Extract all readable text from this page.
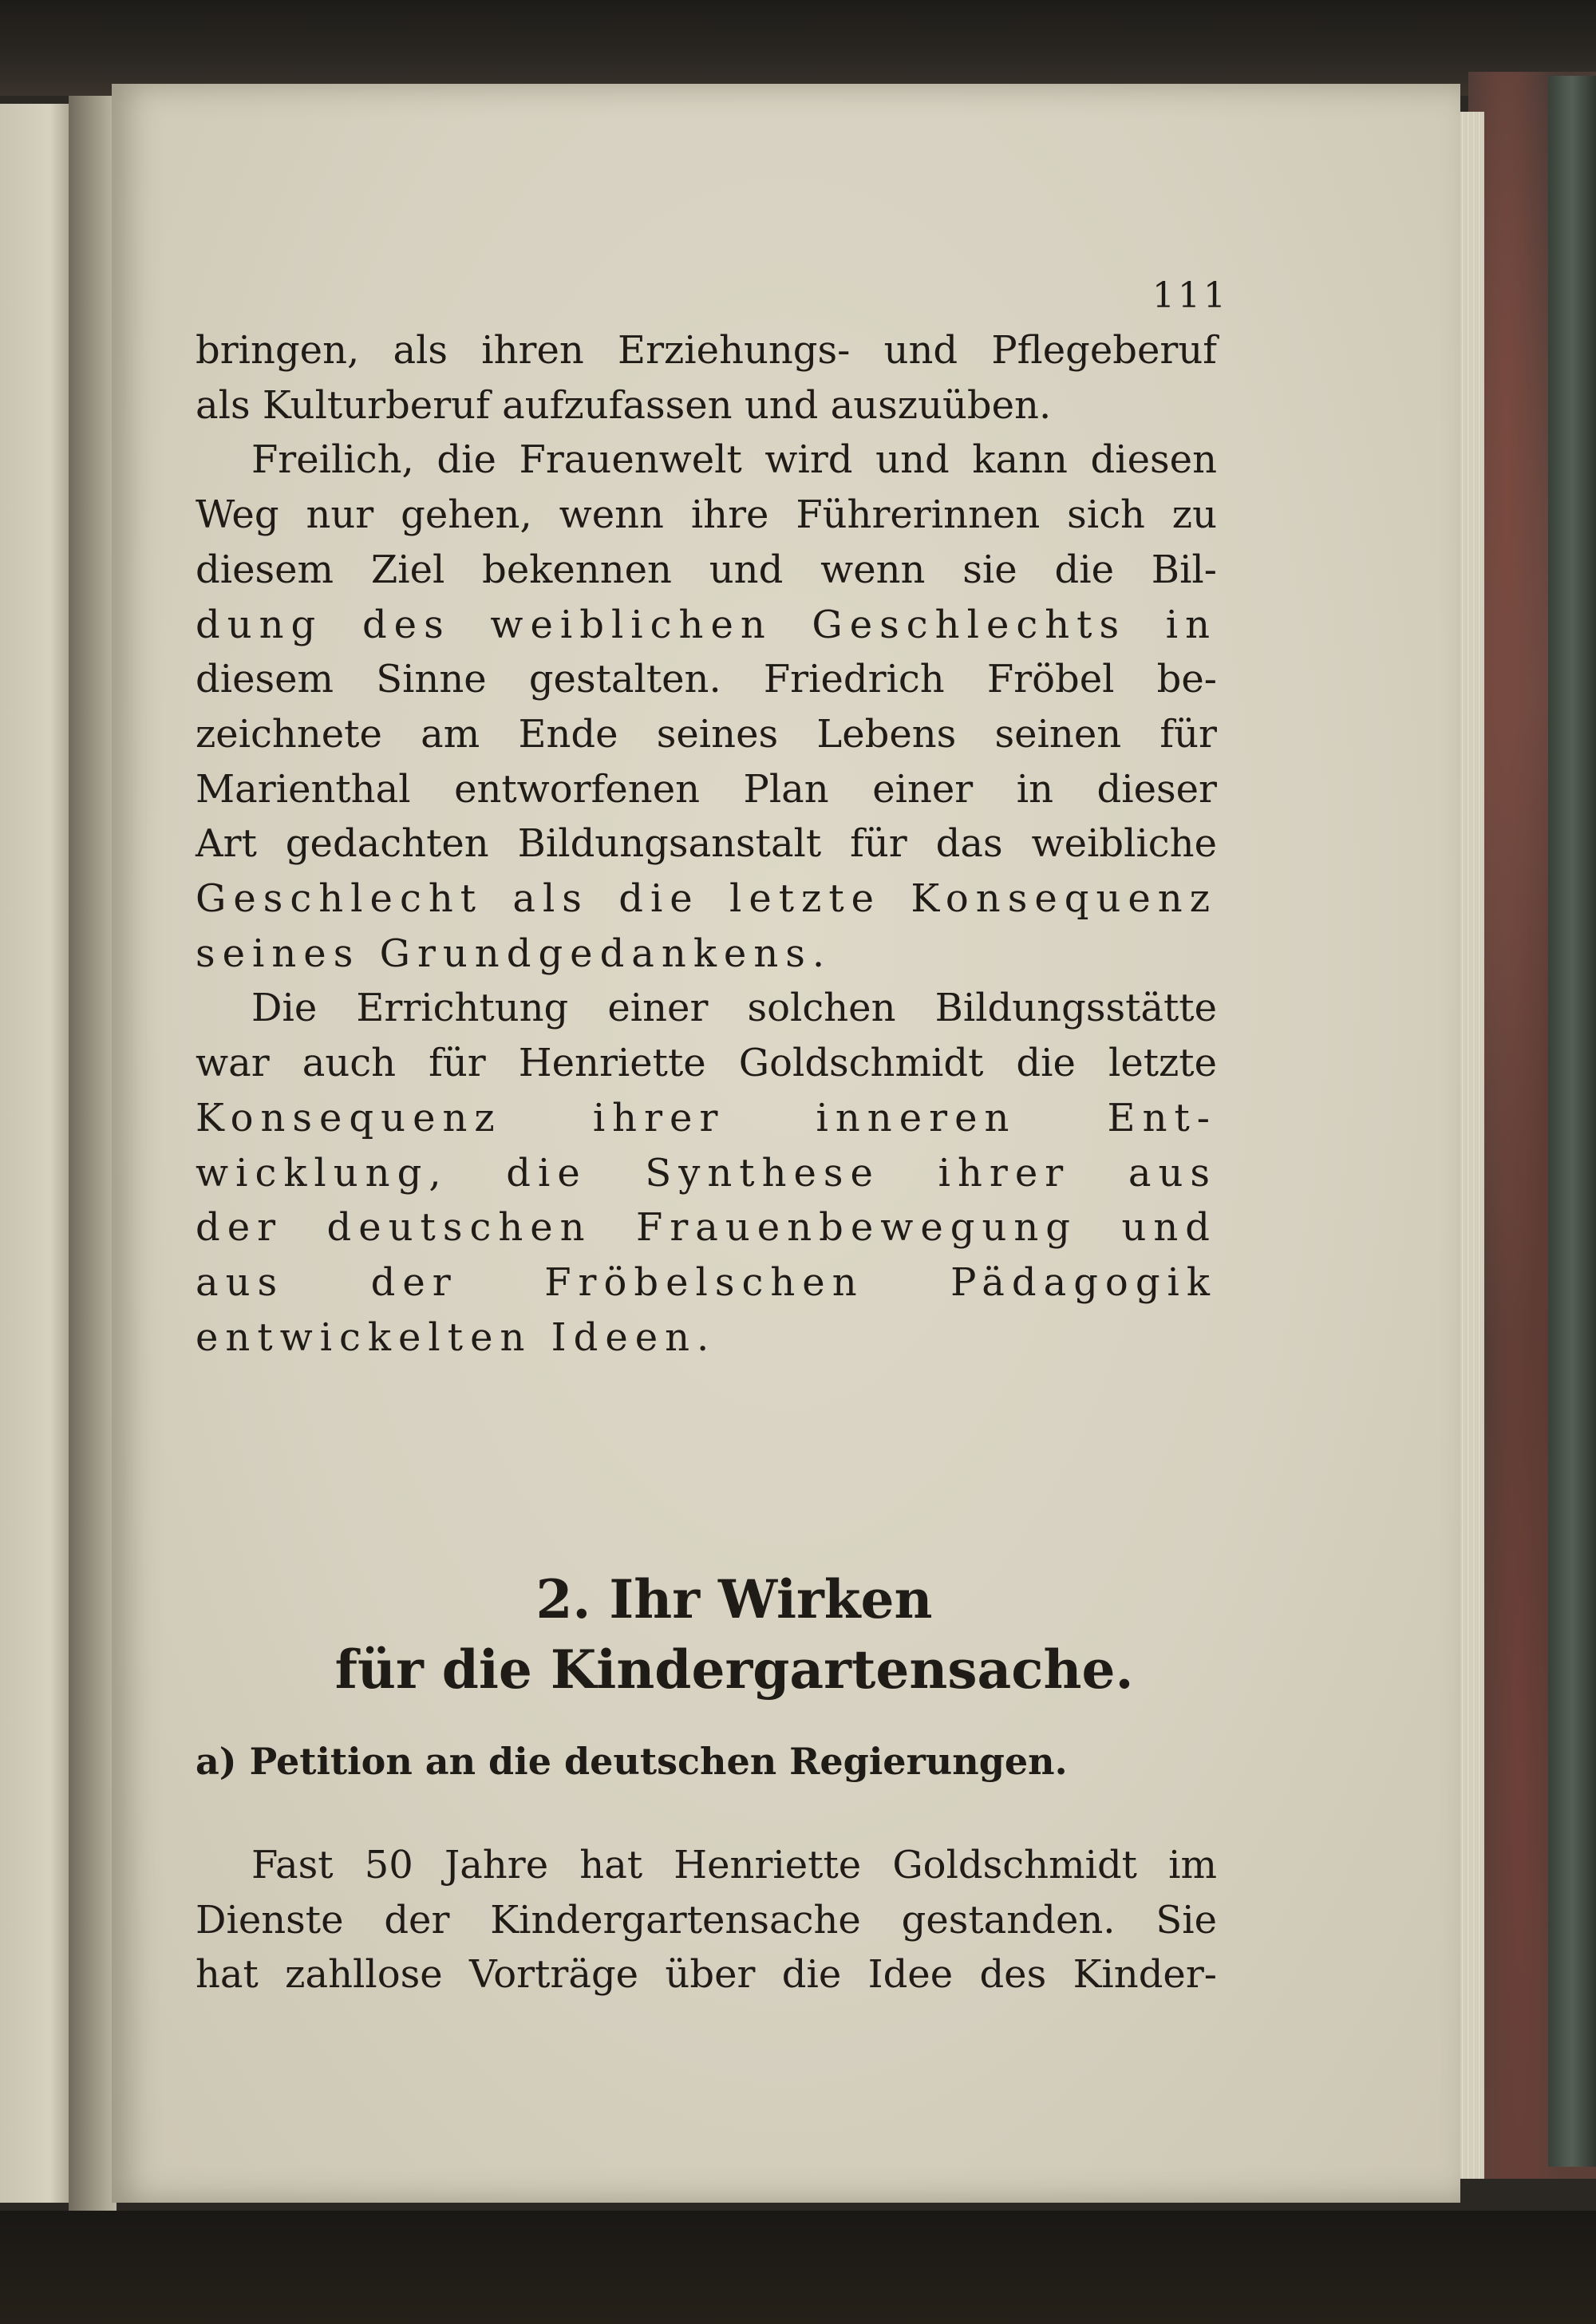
111

bringen, als ihren Erziehungs- und Pflegeberuf
als Kulturberuf aufzufassen und auszuüben.

Freilich, die Frauenwelt wird und kann diesen
Weg nur gehen, wenn ihre Führerinnen sich zu
diesem Ziel bekennen und wenn sie die Bil-
dung des weiblichen Geschlechts in
diesem Sinne gestalten. Friedrich Fröbel be-
zeichnete am Ende seines Lebens seinen für
Marienthal entworfenen Plan einer in dieser
Art gedachten Bildungsanstalt für das weibliche
Geschlecht als die letzte Konsequenz
seines Grundgedankens.

Die Errichtung einer solchen Bildungsstätte
war auch für Henriette Goldschmidt die letzte
Konsequenz ihrer inneren Ent-
wicklung, die Synthese ihrer aus
der deutschen Frauenbewegung und
aus der Fröbelschen Pädagogik
entwickelten Ideen.

2. Ihr Wirken
für die Kindergartensache.
a) Petition an die deutschen Regierungen.

Fast 50 Jahre hat Henriette Goldschmidt im
Dienste der Kindergartensache gestanden. Sie
hat zahllose Vorträge über die Idee des Kinder-
